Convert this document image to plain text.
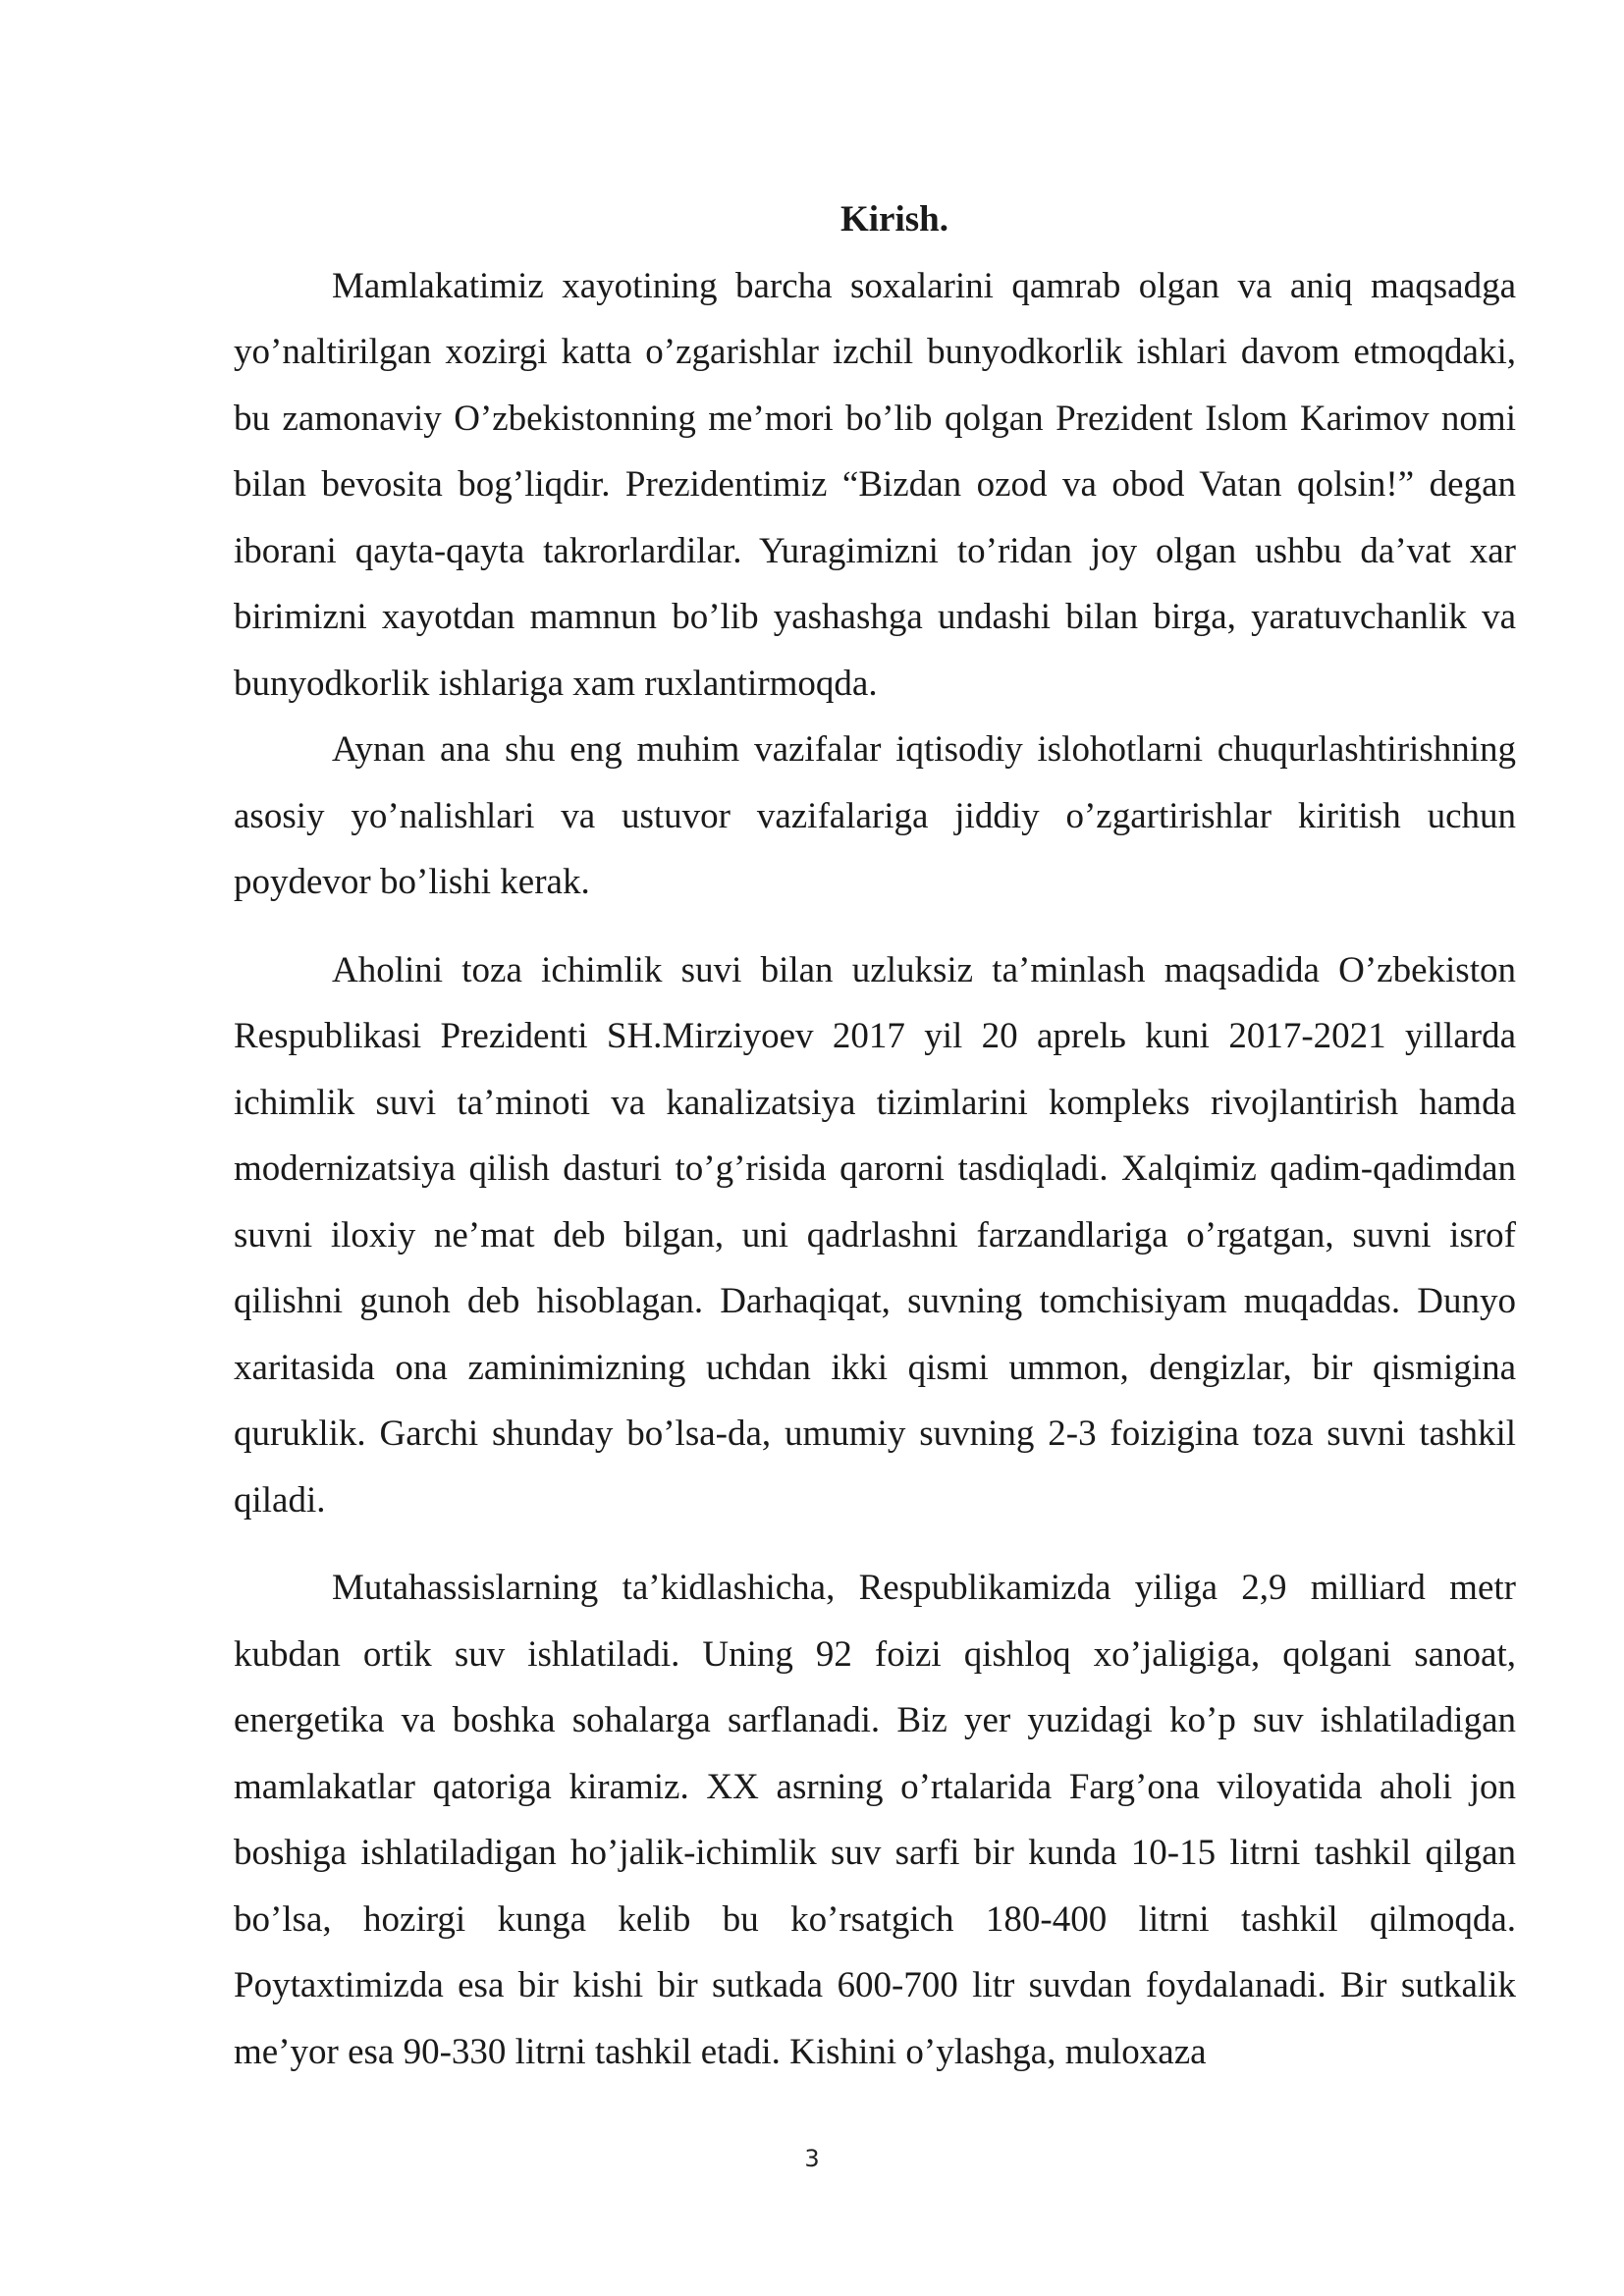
Kirish.

Mamlakatimiz xayotining barcha soxalarini qamrab olgan va aniq maqsadga yo’naltirilgan xozirgi katta o’zgarishlar izchil bunyodkorlik ishlari davom etmoqdaki, bu zamonaviy O’zbekistonning me’mori bo’lib qolgan Prezident Islom Karimov nomi bilan bevosita bog’liqdir. Prezidentimiz “Bizdan ozod va obod Vatan qolsin!” degan iborani qayta-qayta takrorlardilar. Yuragimizni to’ridan joy olgan ushbu da’vat xar birimizni xayotdan mamnun bo’lib yashashga undashi bilan birga, yaratuvchanlik va bunyodkorlik ishlariga xam ruxlantirmoqda.

Aynan ana shu eng muhim vazifalar iqtisodiy islohotlarni chuqurlashtirishning asosiy yo’nalishlari va ustuvor vazifalariga jiddiy o’zgartirishlar kiritish uchun poydevor bo’lishi kerak.

Aholini toza ichimlik suvi bilan uzluksiz ta’minlash maqsadida O’zbekiston Respublikasi Prezidenti SH.Mirziyoev 2017 yil 20 aprelь kuni 2017-2021 yillarda ichimlik suvi ta’minoti va kanalizatsiya tizimlarini kompleks rivojlantirish hamda modernizatsiya qilish dasturi to’g’risida qarorni tasdiqladi. Xalqimiz qadim-qadimdan suvni iloxiy ne’mat deb bilgan, uni qadrlashni farzandlariga o’rgatgan, suvni isrof qilishni gunoh deb hisoblagan. Darhaqiqat, suvning tomchisiyam muqaddas. Dunyo xaritasida ona zaminimizning uchdan ikki qismi ummon, dengizlar, bir qismigina quruklik. Garchi shunday bo’lsa-da, umumiy suvning 2-3 foizigina toza suvni tashkil qiladi.

Mutahassislarning ta’kidlashicha, Respublikamizda yiliga 2,9 milliard metr kubdan ortik suv ishlatiladi. Uning 92 foizi qishloq xo’jaligiga, qolgani sanoat, energetika va boshka sohalarga sarflanadi. Biz yer yuzidagi ko’p suv ishlatiladigan mamlakatlar qatoriga kiramiz. XX asrning o’rtalarida Farg’ona viloyatida aholi jon boshiga ishlatiladigan ho’jalik-ichimlik suv sarfi bir kunda 10-15 litrni tashkil qilgan bo’lsa, hozirgi kunga kelib bu ko’rsatgich 180-400 litrni tashkil qilmoqda. Poytaxtimizda esa bir kishi bir sutkada 600-700 litr suvdan foydalanadi. Bir sutkalik me’yor esa 90-330 litrni tashkil etadi. Kishini o’ylashga, muloxaza

3
